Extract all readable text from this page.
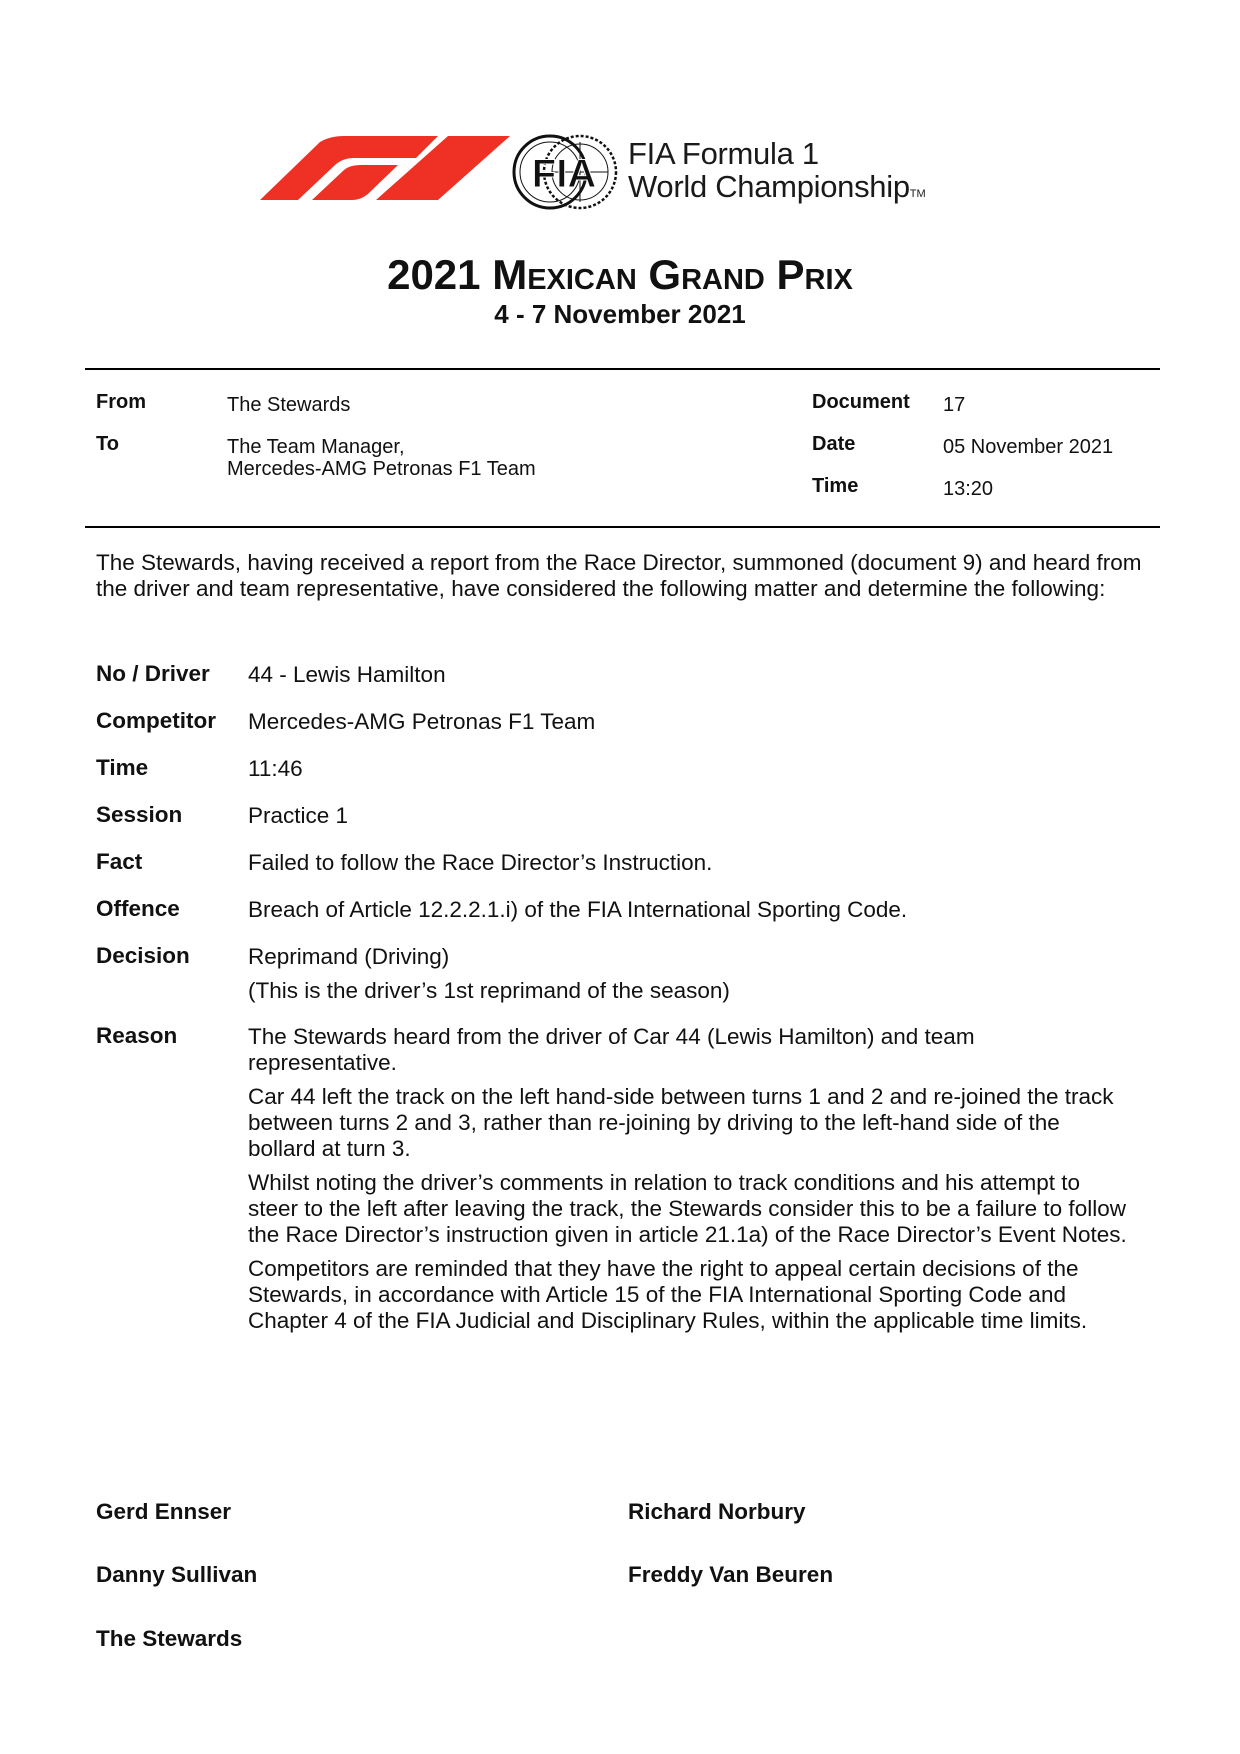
FIA FIA Formula 1
World ChampionshipTM
2021 Mexican Grand Prix
4 - 7 November 2021
From	The Stewards
To	The Team Manager,
Mercedes-AMG Petronas F1 Team
Document 17
Date	05 November 2021
Time	13:20
The Stewards, having received a report from the Race Director, summoned (document 9) and heard from the driver and team representative, have considered the following matter and determine the following:
No / Driver	44 - Lewis Hamilton
Competitor	Mercedes-AMG Petronas F1 Team
Time	11:46
Session	Practice 1
Fact	Failed to follow the Race Director’s Instruction.
Offence	Breach of Article 12.2.2.1.i) of the FIA International Sporting Code.
Decision	Reprimand (Driving)

(This is the driver’s 1st reprimand of the season)

Reason	The Stewards heard from the driver of Car 44 (Lewis Hamilton) and team representative.

Car 44 left the track on the left hand-side between turns 1 and 2 and re-joined the track between turns 2 and 3, rather than re-joining by driving to the left-hand side of the bollard at turn 3.

Whilst noting the driver’s comments in relation to track conditions and his attempt to steer to the left after leaving the track, the Stewards consider this to be a failure to follow the Race Director’s instruction given in article 21.1a) of the Race Director’s Event Notes.

Competitors are reminded that they have the right to appeal certain decisions of the Stewards, in accordance with Article 15 of the FIA International Sporting Code and Chapter 4 of the FIA Judicial and Disciplinary Rules, within the applicable time limits.

Gerd Ennser	Richard Norbury
Danny Sullivan	Freddy Van Beuren
The Stewards
